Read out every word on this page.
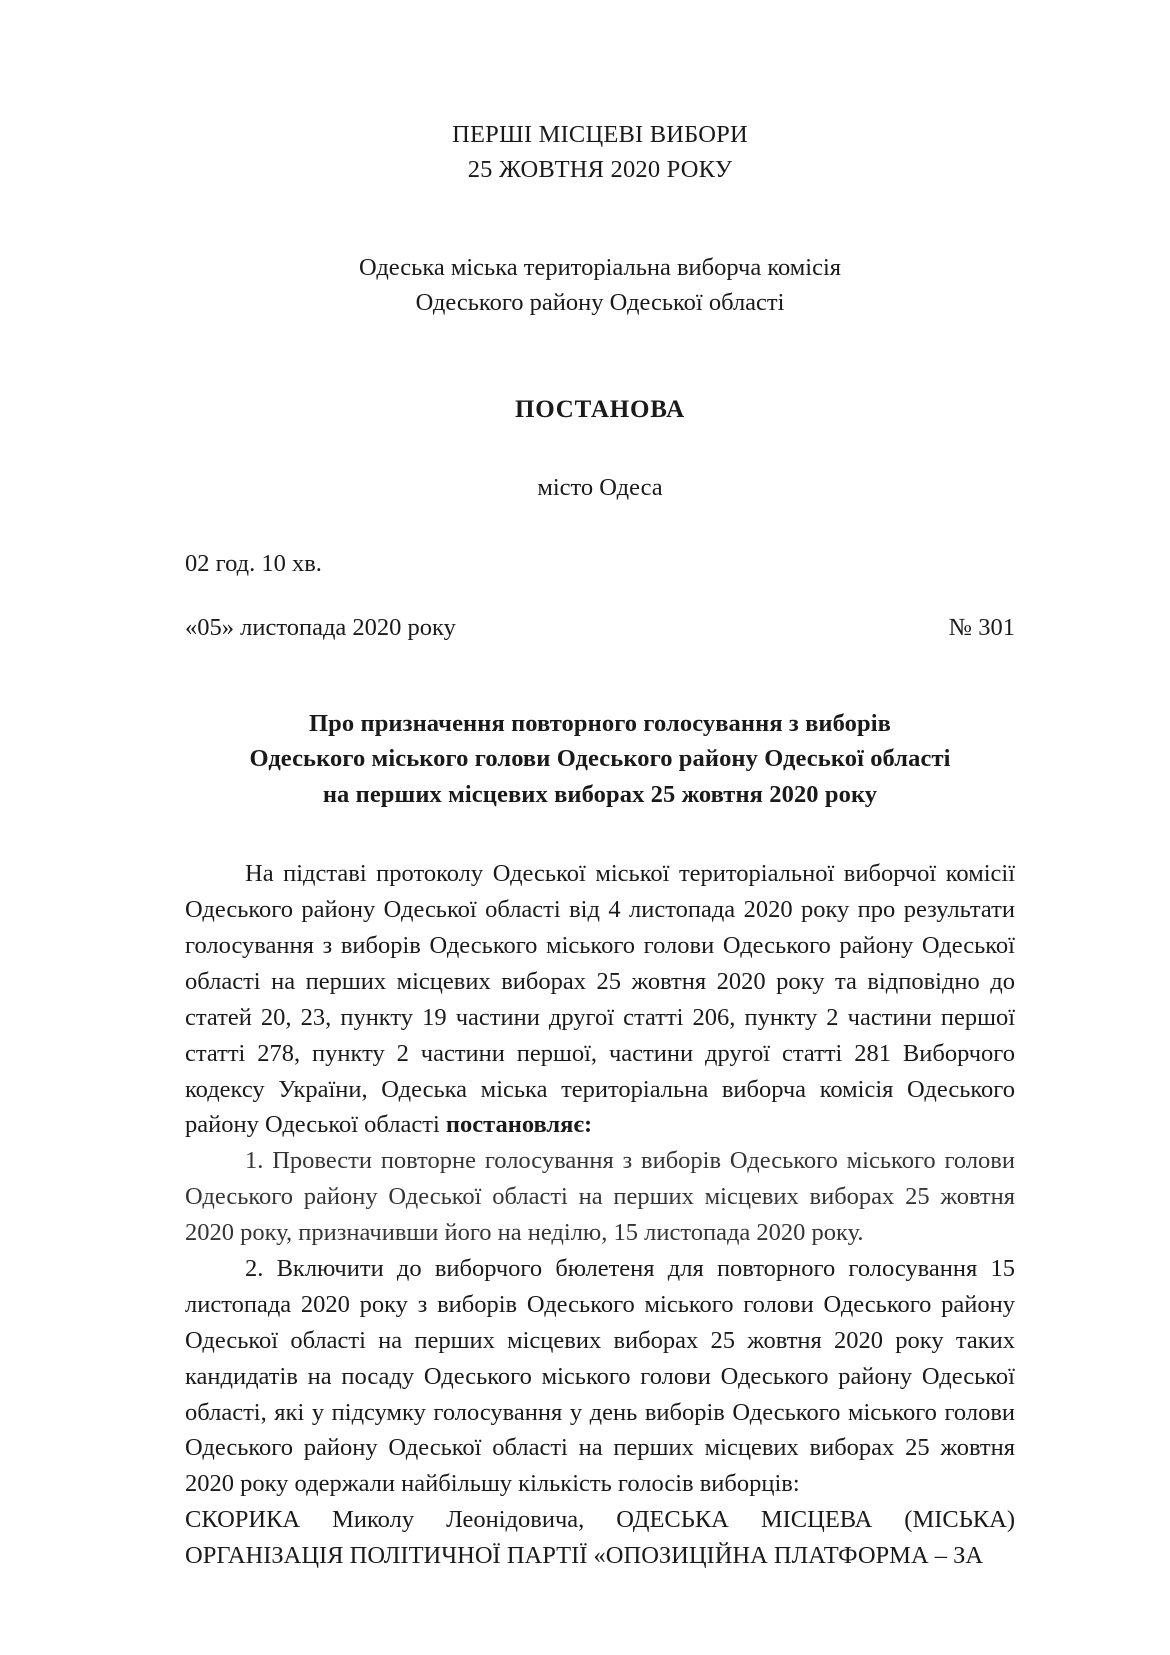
ПЕРШІ МІСЦЕВІ ВИБОРИ
25 ЖОВТНЯ 2020 РОКУ
Одеська міська територіальна виборча комісія
Одеського району Одеської області
ПОСТАНОВА
місто Одеса
02 год. 10 хв.
«05» листопада 2020 року	№ 301
Про призначення повторного голосування з виборів
Одеського міського голови Одеського району Одеської області
на перших місцевих виборах 25 жовтня 2020 року

На підставі протоколу Одеської міської територіальної виборчої комісії Одеського району Одеської області від 4 листопада 2020 року про результати голосування з виборів Одеського міського голови Одеського району Одеської області на перших місцевих виборах 25 жовтня 2020 року та відповідно до статей 20, 23, пункту 19 частини другої статті 206, пункту 2 частини першої статті 278, пункту 2 частини першої, частини другої статті 281 Виборчого кодексу України, Одеська міська територіальна виборча комісія Одеського району Одеської області постановляє:

1. Провести повторне голосування з виборів Одеського міського голови Одеського району Одеської області на перших місцевих виборах 25 жовтня 2020 року, призначивши його на неділю, 15 листопада 2020 року.

2. Включити до виборчого бюлетеня для повторного голосування 15 листопада 2020 року з виборів Одеського міського голови Одеського району Одеської області на перших місцевих виборах 25 жовтня 2020 року таких кандидатів на посаду Одеського міського голови Одеського району Одеської області, які у підсумку голосування у день виборів Одеського міського голови Одеського району Одеської області на перших місцевих виборах 25 жовтня 2020 року одержали найбільшу кількість голосів виборців:

СКОРИКА Миколу Леонідовича, ОДЕСЬКА МІСЦЕВА (МІСЬКА) ОРГАНІЗАЦІЯ ПОЛІТИЧНОЇ ПАРТІЇ «ОПОЗИЦІЙНА ПЛАТФОРМА – ЗА
